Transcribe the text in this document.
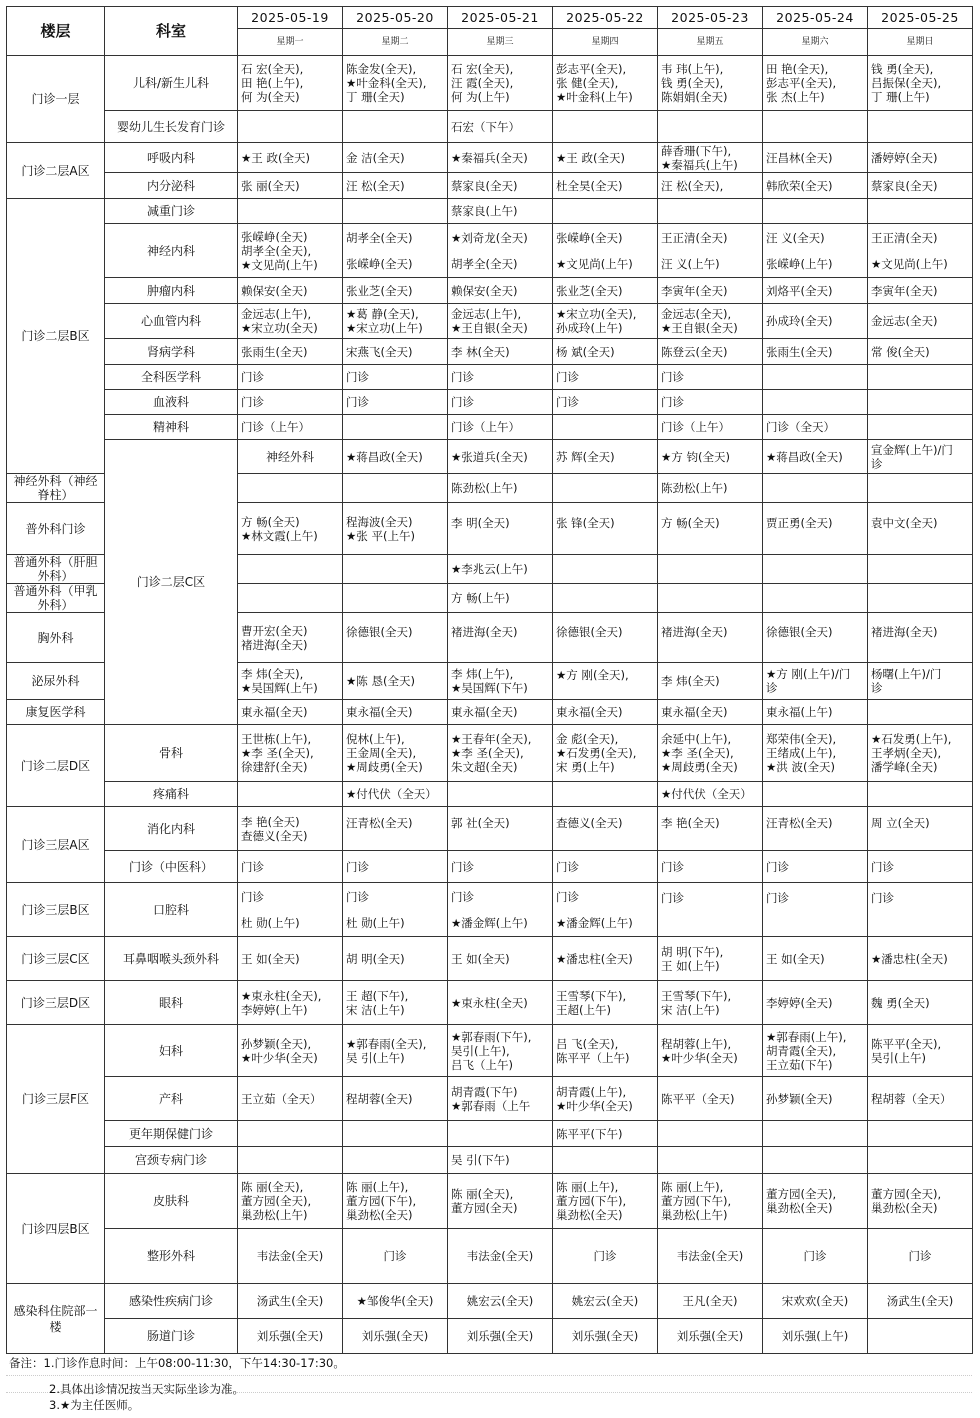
楼层	科室	2025-05-19	2025-05-20	2025-05-21	2025-05-22	2025-05-23	2025-05-24	2025-05-25	
		星期一	星期二	星期三	星期四	星期五	星期六	星期日	
门诊一层	儿科/新生儿科	石 宏(全天),
田 艳(上午),
何 为(全天)	陈金发(全天),
★叶金科(全天),
丁 珊(全天)	石 宏(全天),
汪 霞(全天),
何 为(上午)	彭志平(全天),
张 健(全天),
★叶金科(上午)	韦 玮(上午),
钱 勇(全天),
陈娟娟(全天)	田 艳(全天),
彭志平(全天),
张 杰(上午)	钱 勇(全天),
吕振保(全天),
丁 珊(上午)	

	婴幼儿生长发育门诊			石宏（下午）					

门诊二层A区	呼吸内科	★王 政(全天)	金 洁(全天)	★秦福兵(全天)	★王 政(全天)	薛香珊(下午),
★秦福兵(上午)	汪昌林(全天)	潘婷婷(全天)	

	内分泌科	张 丽(全天)	汪 松(全天)	蔡家良(全天)	杜全昊(全天)	汪 松(全天),	韩欣荣(全天)	蔡家良(全天)	

门诊二层B区	减重门诊			蔡家良(上午)					

	神经内科	张嵘峥(全天)
胡孝全(全天),
★文见尚(上午)	胡孝全(全天)
张嵘峥(全天)	★刘奇龙(全天)
胡孝全(全天)	张嵘峥(全天)
★文见尚(上午)	王正清(全天)
汪 义(上午)	汪 义(全天)
张嵘峥(上午)	王正清(全天)
★文见尚(上午)	

	肿瘤内科	赖保安(全天)	张业芝(全天)	赖保安(全天)	张业芝(全天)	李寅年(全天)	刘烙平(全天)	李寅年(全天)	

	心血管内科	金远志(上午),
★宋立功(全天)	★葛 静(全天),
★宋立功(上午)	金远志(上午),
★王自银(全天)	★宋立功(全天),
孙成玲(上午)	金远志(全天),
★王自银(全天)	孙成玲(全天)	金远志(全天)	

	肾病学科	张雨生(全天)	宋燕飞(全天)	李 林(全天)	杨 斌(全天)	陈登云(全天)	张雨生(全天)	常 俊(全天)	

	全科医学科	门诊	门诊	门诊	门诊	门诊			

	血液科	门诊	门诊	门诊	门诊	门诊			

	精神科	门诊（上午）		门诊（上午）		门诊（上午）	门诊（全天）		

	门诊二层C区	神经外科	★蒋昌政(全天)	★张道兵(全天)	苏 辉(全天)	★方 钧(全天)	★蒋昌政(全天)	宣金辉(上午)/门
诊

神经外科（神经脊柱）				陈劲松(上午)		陈劲松(上午)			

普外科门诊		方 畅(全天)
★林文霞(上午)	程海波(全天)
★张 平(上午)	李 明(全天)	张 锋(全天)	方 畅(全天)	贾正勇(全天)	袁中文(全天)	

普通外科（肝胆外科）				★李兆云(上午)					

普通外科（甲乳外科）				方 畅(上午)					

胸外科		曹开宏(全天)
褚进海(全天)	徐德银(全天)	褚进海(全天)	徐德银(全天)	褚进海(全天)	徐德银(全天)	褚进海(全天)	

泌尿外科		李 炜(全天),
★吴国辉(上午)	★陈 恳(全天)	李 炜(上午),
★吴国辉(下午)	★方 刚(全天),	李 炜(全天)	★方 刚(上午)/门
诊	杨曙(上午)/门
诊	

康复医学科		東永福(全天)	東永福(全天)	東永福(全天)	東永福(全天)	東永福(全天)	東永福(上午)		

门诊二层D区	骨科	王世栋(上午),
★李 圣(全天),
徐建舒(全天)	倪林(上午),
王金周(全天),
★周歧勇(全天)	★王春年(全天),
★李 圣(全天),
朱文超(全天)	金 彪(全天),
★石发勇(全天),
宋 勇(上午)	余延中(上午),
★李 圣(全天),
★周歧勇(全天)	郑荣伟(全天),
王绪成(上午),
★洪 波(全天)	★石发勇(上午),
王孝炳(全天),
潘学峰(全天)	

	疼痛科		★付代伏（全天）			★付代伏（全天）			

门诊三层A区	消化内科	李 艳(全天)
查德义(全天)	汪青松(全天)	郭 社(全天)	查德义(全天)	李 艳(全天)	汪青松(全天)	周 立(全天)	

	门诊（中医科）	门诊	门诊	门诊	门诊	门诊	门诊	门诊	

门诊三层B区	口腔科	门诊
杜 勋(上午)	门诊
杜 勋(上午)	门诊
★潘金辉(上午)	门诊
★潘金辉(上午)	门诊	门诊	门诊	

门诊三层C区	耳鼻咽喉头颈外科	王 如(全天)	胡 明(全天)	王 如(全天)	★潘忠柱(全天)	胡 明(下午),
王 如(上午)	王 如(全天)	★潘忠柱(全天)	

门诊三层D区	眼科	★束永柱(全天),
李婷婷(上午)	王 超(下午),
宋 洁(上午)	★束永柱(全天)	王雪琴(下午),
王超(上午)	王雪琴(下午),
宋 洁(上午)	李婷婷(全天)	魏 勇(全天)	

门诊三层F区	妇科	孙梦颖(全天),
★叶少华(全天)	★郭春雨(全天),
吴 引(上午)	★郭春雨(下午),
吴引(上午),
吕飞（上午)	吕 飞(全天),
陈平平（上午)	程胡蓉(上午),
★叶少华(全天)	★郭春雨(上午),
胡青霞(全天),
王立茹(下午)	陈平平(全天),
吴引(上午)	

	产科	王立茹（全天）	程胡蓉(全天)	胡青霞(下午)
★郭春雨（上午	胡青霞(上午),
★叶少华(全天)	陈平平（全天)	孙梦颖(全天)	程胡蓉（全天）	

	更年期保健门诊				陈平平(下午)				

	宫颈专病门诊			吴 引(下午)					

门诊四层B区	皮肤科	陈 丽(全天),
董方园(全天),
巢劲松(上午)	陈 丽(上午),
董方园(下午),
巢劲松(全天)	陈 丽(全天),
董方园(全天)	陈 丽(上午),
董方园(下午),
巢劲松(全天)	陈 丽(上午),
董方园(下午),
巢劲松(上午)	董方园(全天),
巢劲松(全天)	董方园(全天),
巢劲松(全天)	

	整形外科	韦法金(全天)	门诊	韦法金(全天)	门诊	韦法金(全天)	门诊	门诊	

感染科住院部一楼	感染性疾病门诊	汤武生(全天)	★邹俊华(全天)	姚宏云(全天)	姚宏云(全天)	王凡(全天)	宋欢欢(全天)	汤武生(全天)	

	肠道门诊	刘乐强(全天)	刘乐强(全天)	刘乐强(全天)	刘乐强(全天)	刘乐强(全天)	刘乐强(上午)		

备注：1.门诊作息时间：上午08:00-11:30，下午14:30-17:30。
2.具体出诊情况按当天实际坐诊为准。
3.★为主任医师。
